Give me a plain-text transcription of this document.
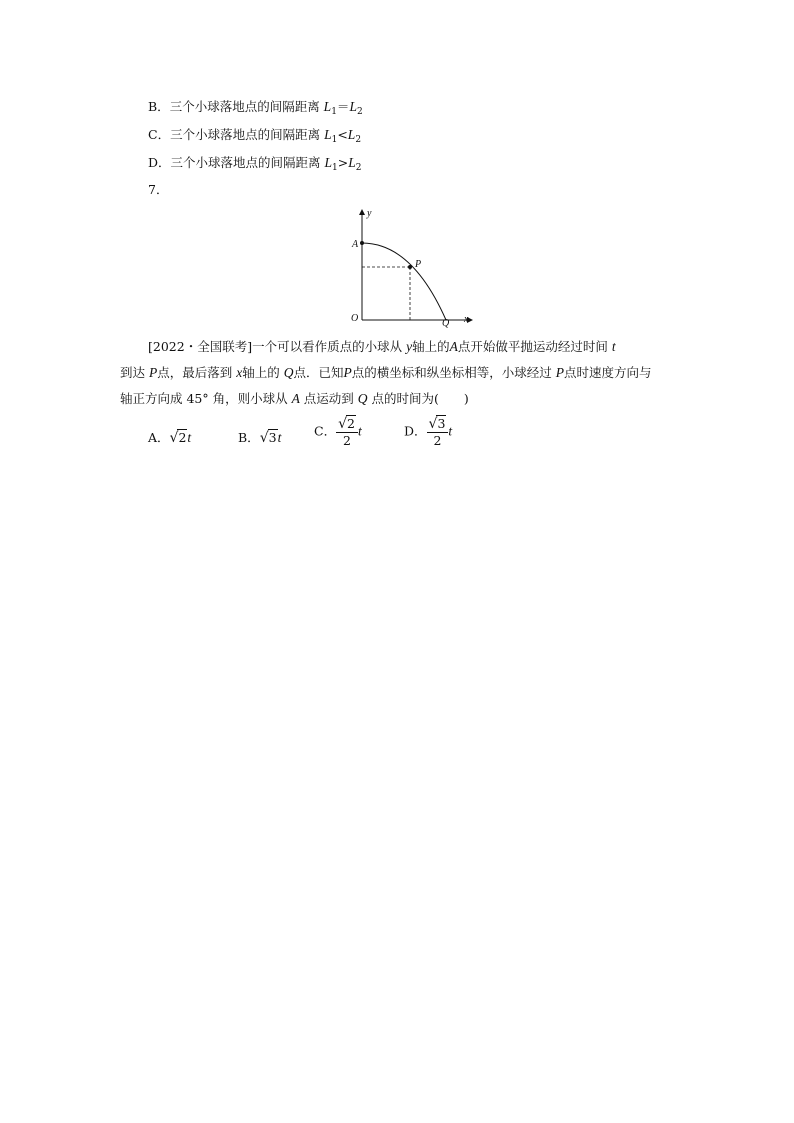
B．三个小球落地点的间隔距离 $L_1=L_2$
C．三个小球落地点的间隔距离 $L_1<L_2$
D．三个小球落地点的间隔距离 $L_1>L_2$
7．
y
x
O
A
P
Q
[2022・全国联考]一个可以看作质点的小球从 y轴上的A点开始做平抛运动经过时间 t
到达 P点，最后落到 x轴上的 Q点．已知P点的横坐标和纵坐标相等，小球经过 P点时速度方向与
轴正方向成 45° 角，则小球从 A 点运动到 Q 点的时间为(　　)
A．√2t	B．√3t	C． $\frac{√2}{2}$ t	D． $\frac{√3}{2}$ t
